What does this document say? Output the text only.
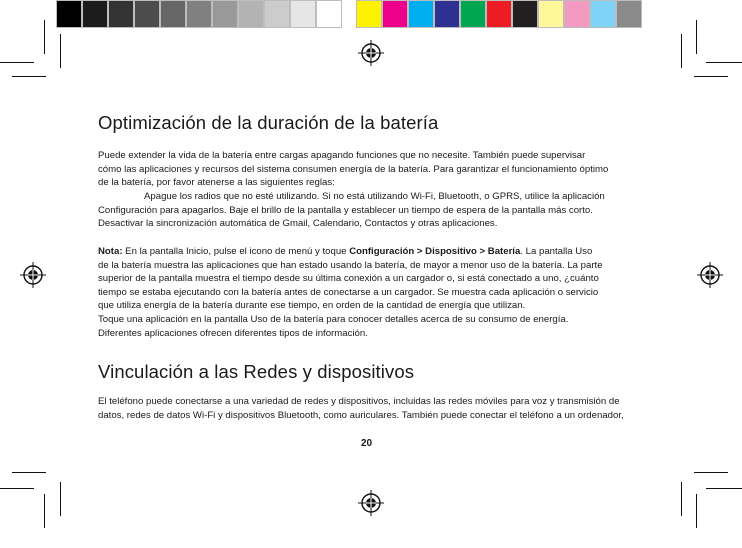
Optimización de la duración de la batería
Puede extender la vida de la batería entre cargas apagando funciones que no necesite. También puede supervisar
cómo las aplicaciones y recursos del sistema consumen energía de la batería. Para garantizar el funcionamiento óptimo
de la batería, por favor atenerse a las siguientes reglas:
Apague los radios que no esté utilizando. Si no está utilizando Wi-Fi, Bluetooth, o GPRS, utilice la aplicación
Configuración para apagarlos. Baje el brillo de la pantalla y establecer un tiempo de espera de la pantalla más corto.
Desactivar la sincronización automática de Gmail, Calendario, Contactos y otras aplicaciones.
Nota: En la pantalla Inicio, pulse el icono de menú y toque Configuración > Dispositivo > Batería. La pantalla Uso
de la batería muestra las aplicaciones que han estado usando la batería, de mayor a menor uso de la batería. La parte
superior de la pantalla muestra el tiempo desde su última conexión a un cargador o, si está conectado a uno, ¿cuánto
tiempo se estaba ejecutando con la batería antes de conectarse a un cargador. Se muestra cada aplicación o servicio
que utiliza energía de la batería durante ese tiempo, en orden de la cantidad de energía que utilizan.
Toque una aplicación en la pantalla Uso de la batería para conocer detalles acerca de su consumo de energía.
Diferentes aplicaciones ofrecen diferentes tipos de información.
Vinculación a las Redes y dispositivos
El teléfono puede conectarse a una variedad de redes y dispositivos, incluidas las redes móviles para voz y transmisión de
datos, redes de datos Wi-Fi y dispositivos Bluetooth, como auriculares. También puede conectar el teléfono a un ordenador,
20
